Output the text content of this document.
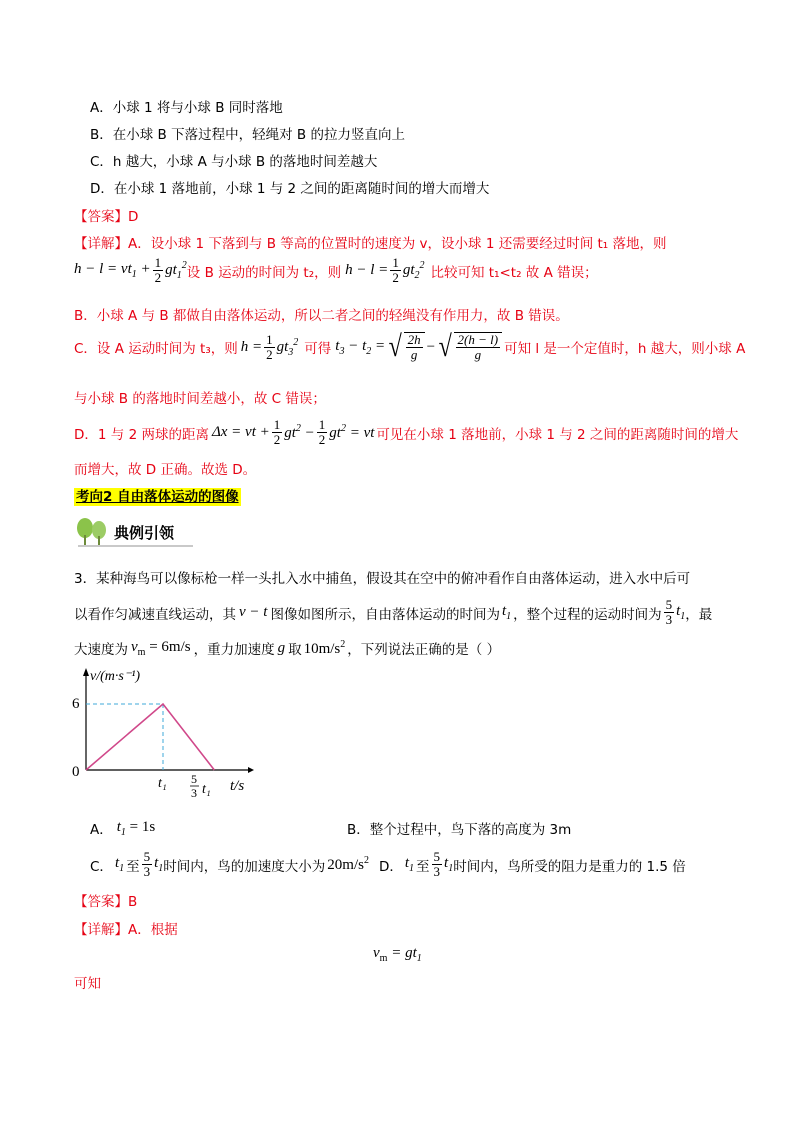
A．小球 1 将与小球 B 同时落地
B．在小球 B 下落过程中，轻绳对 B 的拉力竖直向上
C．h 越大，小球 A 与小球 B 的落地时间差越大
D．在小球 1 落地前，小球 1 与 2 之间的距离随时间的增大而增大
【答案】D
【详解】A．设小球 1 下落到与 B 等高的位置时的速度为 v，设小球 1 还需要经过时间 t₁ 落地，则
$h - l = vt_1 + \frac{1}{2} gt_1^2$ 设 B 运动的时间为 t₂，则 $h - l = \frac{1}{2} gt_2^2$ 比较可知 t₁<t₂ 故 A 错误；
B．小球 A 与 B 都做自由落体运动，所以二者之间的轻绳没有作用力，故 B 错误。
C．设 A 运动时间为 t₃，则 $h = \frac{1}{2} gt_3^2$ 可得 $t_3 - t_2$ = √ $\frac{2h}{g}$ − √ $\frac{2(h - l)}{g}$ 可知 l 是一个定值时，h 越大，则小球 A
与小球 B 的落地时间差越小，故 C 错误；
D．1 与 2 两球的距离 Δx = vt + $\frac{1}{2} gt^2 - \frac{1}{2} gt^2$ = vt 可见在小球 1 落地前，小球 1 与 2 之间的距离随时间的增大
而增大，故 D 正确。故选 D。
考向2 自由落体运动的图像
典例引领
3．某种海鸟可以像标枪一样一头扎入水中捕鱼，假设其在空中的俯冲看作自由落体运动，进入水中后可
以看作匀减速直线运动，其 v − t 图像如图所示，自由落体运动的时间为 $t_1$ ，整个过程的运动时间为 $\frac{5}{3} t_1$ ，最
大速度为 $v_m = 6m/s$ ，重力加速度 g 取 $10m/s^2$ ，下列说法正确的是（ ）
v/(m·s⁻¹)
6
0
t/s
t₁ 5
3 t₁
A． $t_1 = 1s$	B．整个过程中，鸟下落的高度为 3m
C． $t_1$ 至 $\frac{5}{3} t_1$ 时间内，鸟的加速度大小为 $20m/s^2$ D． $t_1$ 至 $\frac{5}{3} t_1$ 时间内，鸟所受的阻力是重力的 1.5 倍
【答案】B
【详解】A．根据
$v_m = gt_1$
可知
